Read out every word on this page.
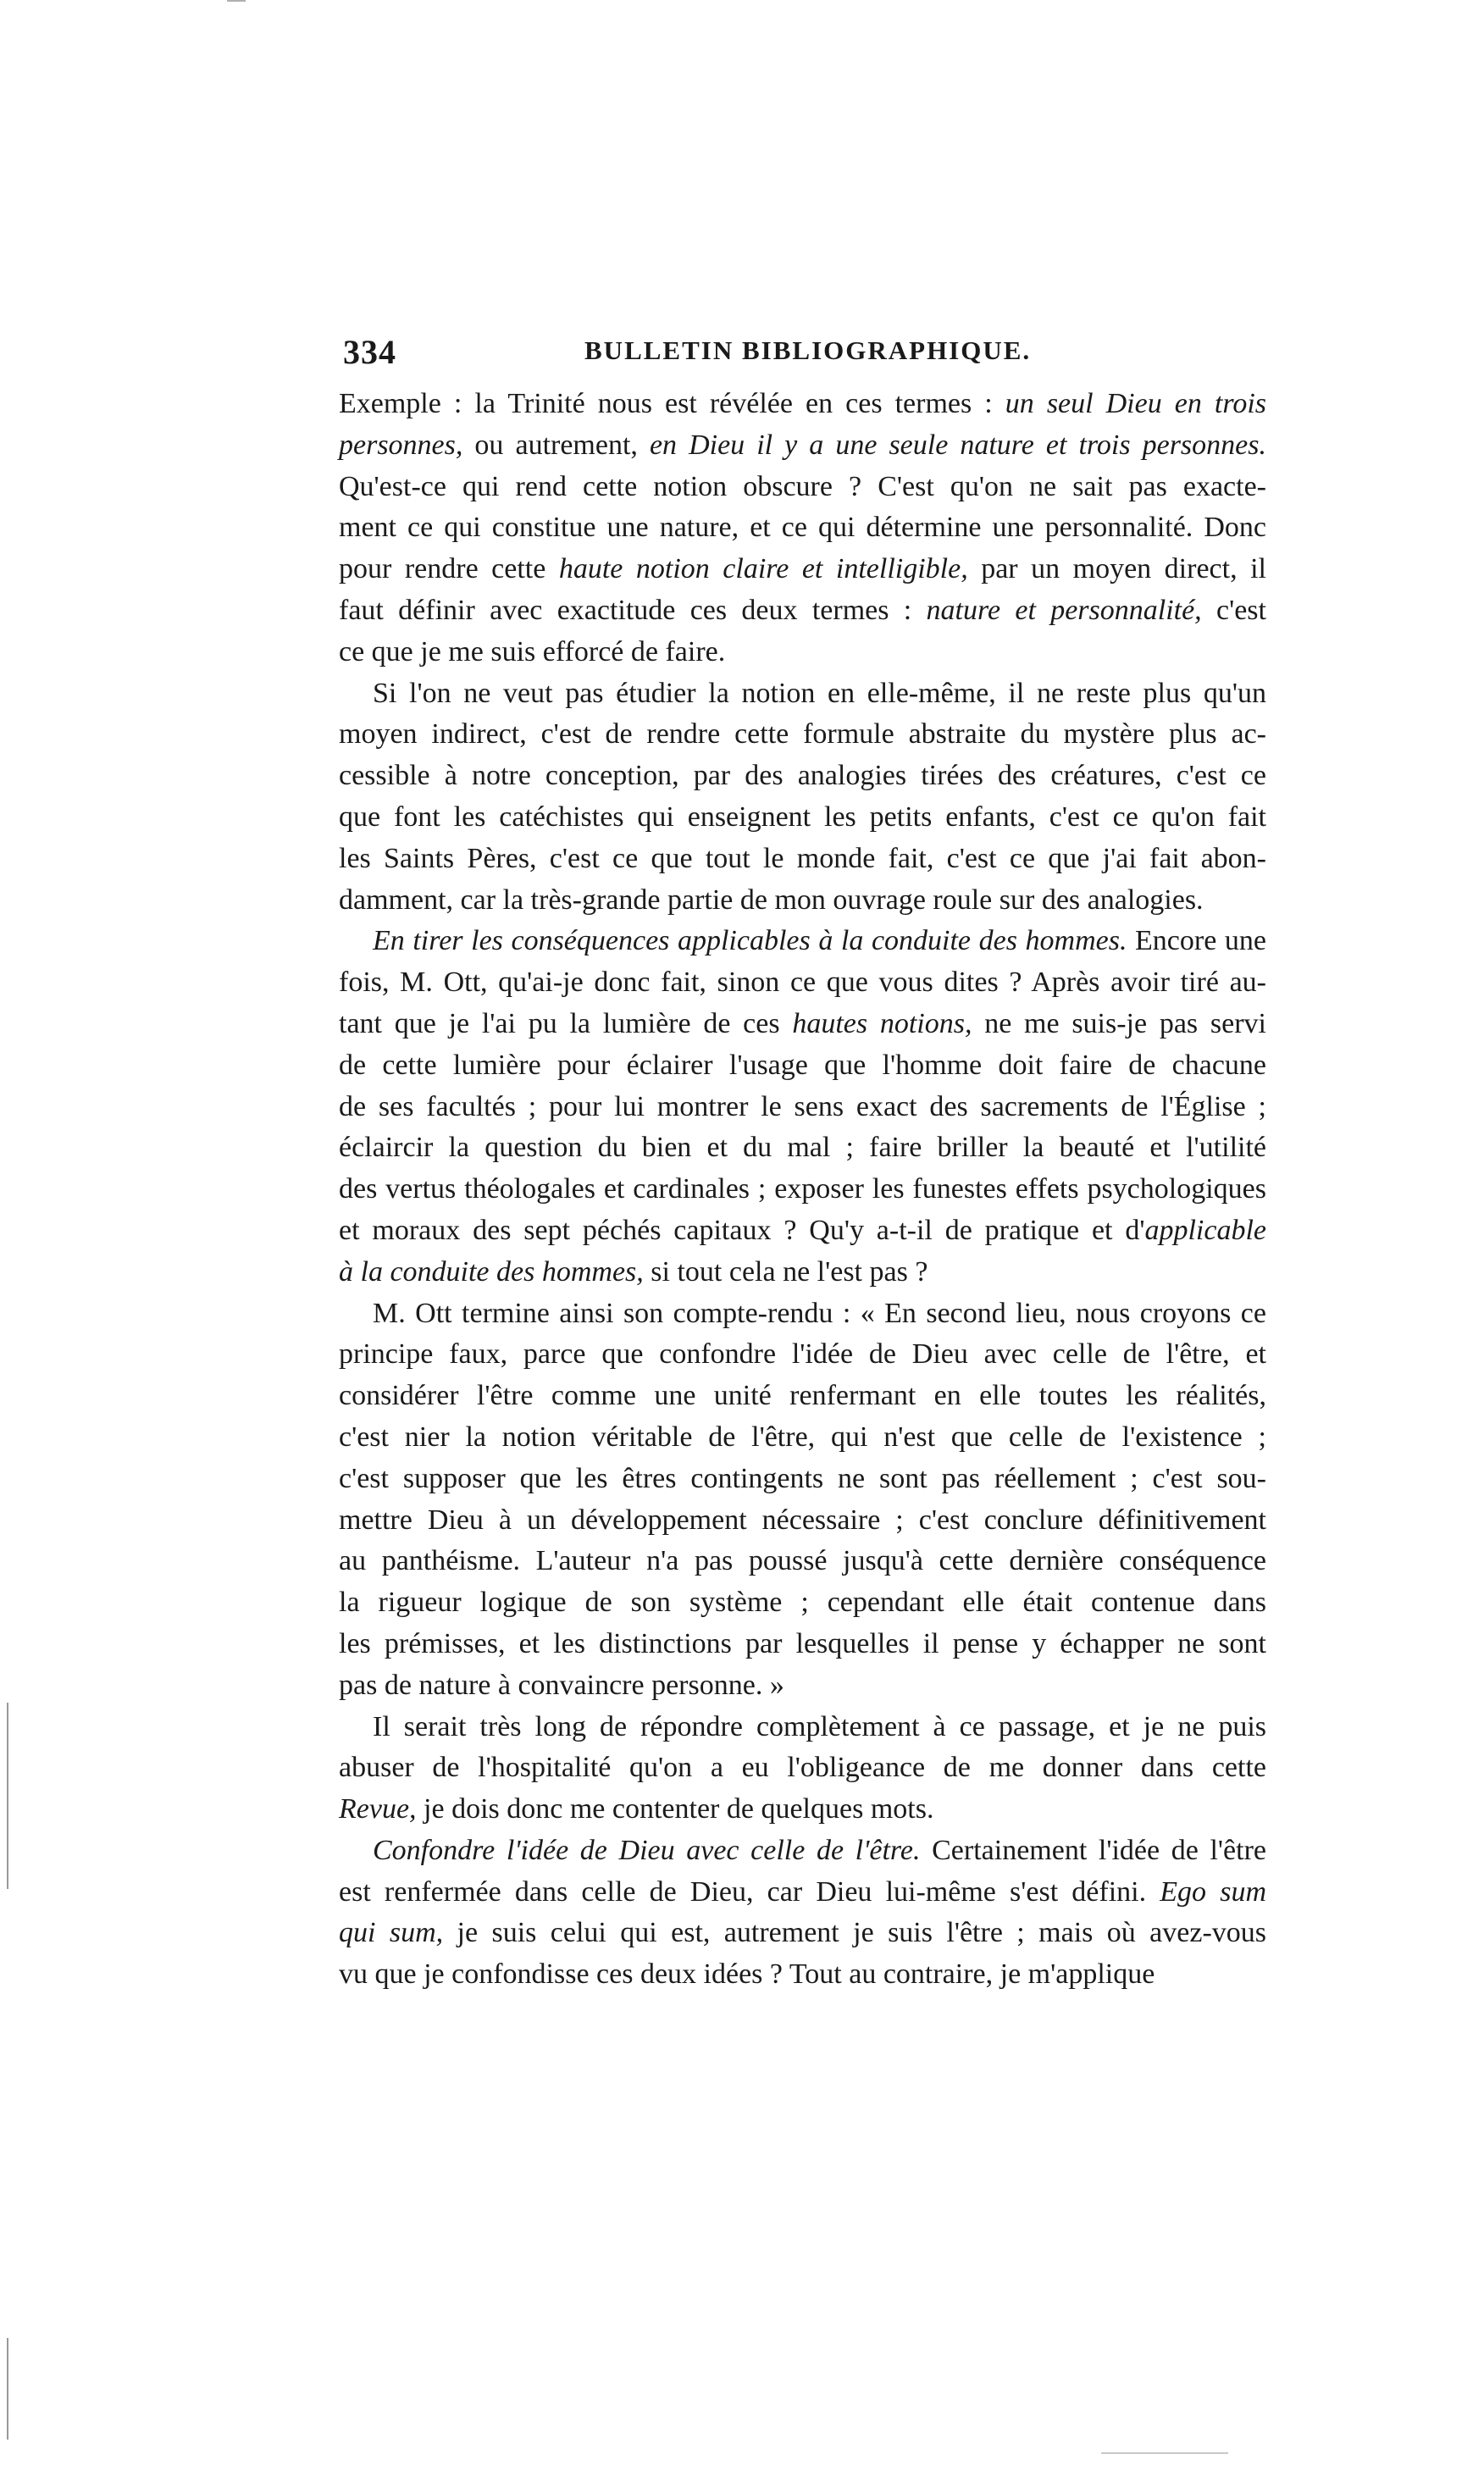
334	BULLETIN BIBLIOGRAPHIQUE.

Exemple : la Trinité nous est révélée en ces termes : un seul Dieu en trois
personnes, ou autrement, en Dieu il y a une seule nature et trois personnes.
Qu'est-ce qui rend cette notion obscure ? C'est qu'on ne sait pas exacte-
ment ce qui constitue une nature, et ce qui détermine une personnalité. Donc
pour rendre cette haute notion claire et intelligible, par un moyen direct, il
faut définir avec exactitude ces deux termes : nature et personnalité, c'est
ce que je me suis efforcé de faire.

Si l'on ne veut pas étudier la notion en elle-même, il ne reste plus qu'un
moyen indirect, c'est de rendre cette formule abstraite du mystère plus ac-
cessible à notre conception, par des analogies tirées des créatures, c'est ce
que font les catéchistes qui enseignent les petits enfants, c'est ce qu'on fait
les Saints Pères, c'est ce que tout le monde fait, c'est ce que j'ai fait abon-
damment, car la très-grande partie de mon ouvrage roule sur des analogies.

En tirer les conséquences applicables à la conduite des hommes. Encore une
fois, M. Ott, qu'ai-je donc fait, sinon ce que vous dites ? Après avoir tiré au-
tant que je l'ai pu la lumière de ces hautes notions, ne me suis-je pas servi
de cette lumière pour éclairer l'usage que l'homme doit faire de chacune
de ses facultés ; pour lui montrer le sens exact des sacrements de l'Église ;
éclaircir la question du bien et du mal ; faire briller la beauté et l'utilité
des vertus théologales et cardinales ; exposer les funestes effets psychologiques
et moraux des sept péchés capitaux ? Qu'y a-t-il de pratique et d'applicable
à la conduite des hommes, si tout cela ne l'est pas ?

M. Ott termine ainsi son compte-rendu : « En second lieu, nous croyons ce
principe faux, parce que confondre l'idée de Dieu avec celle de l'être, et
considérer l'être comme une unité renfermant en elle toutes les réalités,
c'est nier la notion véritable de l'être, qui n'est que celle de l'existence ;
c'est supposer que les êtres contingents ne sont pas réellement ; c'est sou-
mettre Dieu à un développement nécessaire ; c'est conclure définitivement
au panthéisme. L'auteur n'a pas poussé jusqu'à cette dernière conséquence
la rigueur logique de son système ; cependant elle était contenue dans
les prémisses, et les distinctions par lesquelles il pense y échapper ne sont
pas de nature à convaincre personne. »

Il serait très long de répondre complètement à ce passage, et je ne puis
abuser de l'hospitalité qu'on a eu l'obligeance de me donner dans cette
Revue, je dois donc me contenter de quelques mots.

Confondre l'idée de Dieu avec celle de l'être. Certainement l'idée de l'être
est renfermée dans celle de Dieu, car Dieu lui-même s'est défini. Ego sum
qui sum, je suis celui qui est, autrement je suis l'être ; mais où avez-vous
vu que je confondisse ces deux idées ? Tout au contraire, je m'applique
